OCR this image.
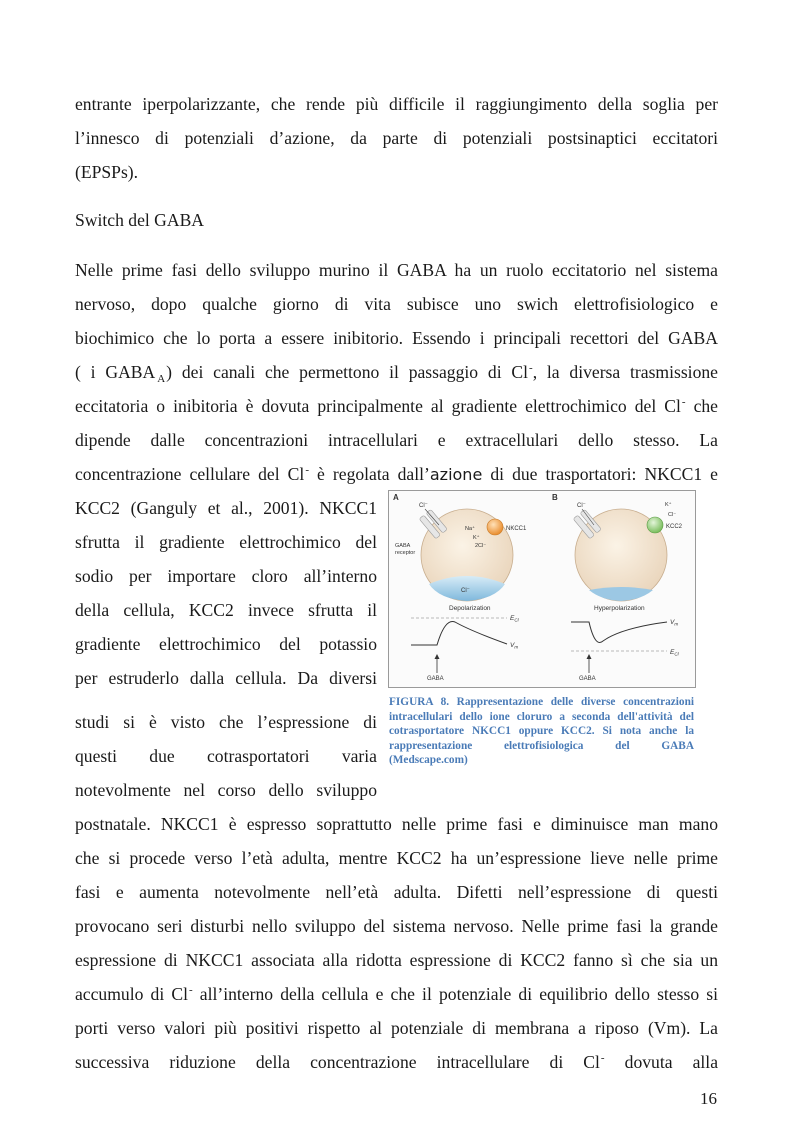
entrante iperpolarizzante, che rende più difficile il raggiungimento della soglia per
l’innesco di potenziali d’azione, da parte di potenziali postsinaptici eccitatori
(EPSPs).
Switch del GABA
Nelle prime fasi dello sviluppo murino il GABA ha un ruolo eccitatorio nel sistema
nervoso, dopo qualche giorno di vita subisce uno swich elettrofisiologico e
biochimico che lo porta a essere inibitorio. Essendo i principali recettori del GABA
( i GABA $_A$) dei canali che permettono il passaggio di Cl-, la diversa trasmissione
eccitatoria o inibitoria è dovuta principalmente al gradiente elettrochimico del Cl- che
dipende dalle concentrazioni intracellulari e extracellulari dello stesso. La
concentrazione cellulare del Cl- è regolata dall’azione di due trasportatori: NKCC1 e
KCC2 (Ganguly et al., 2001). NKCC1
sfrutta il gradiente elettrochimico del
sodio per importare cloro all’interno
della cellula, KCC2 invece sfrutta il
gradiente elettrochimico del potassio
per estruderlo dalla cellula. Da diversi
studi si è visto che l’espressione di
questi due cotrasportatori varia
notevolmente nel corso dello sviluppo
postnatale. NKCC1 è espresso soprattutto nelle prime fasi e diminuisce man mano
che si procede verso l’età adulta, mentre KCC2 ha un’espressione lieve nelle prime
fasi e aumenta notevolmente nell’età adulta. Difetti nell’espressione di questi
provocano seri disturbi nello sviluppo del sistema nervoso. Nelle prime fasi la grande
espressione di NKCC1 associata alla ridotta espressione di KCC2 fanno sì che sia un
accumulo di Cl- all’interno della cellula e che il potenziale di equilibrio dello stesso si
porti verso valori più positivi rispetto al potenziale di membrana a riposo (Vm). La
successiva riduzione della concentrazione intracellulare di Cl- dovuta alla
A	B
Cl⁻
Cl⁻
GABA
receptor
NKCC1
Na⁺
K⁺
2Cl⁻
Cl⁻
KCC2
K⁺
Cl⁻
Depolarization	Hyperpolarization
$E_{Cl}$
$V_m$
GABA
$V_m$
$E_{Cl}$
GABA
FIGURA 8. Rappresentazione delle diverse concentrazioni
intracellulari dello ione cloruro a seconda dell'attività del
cotrasportatore NKCC1 oppure KCC2. Si nota anche la
rappresentazione elettrofisiologica del GABA
(Medscape.com)
16
